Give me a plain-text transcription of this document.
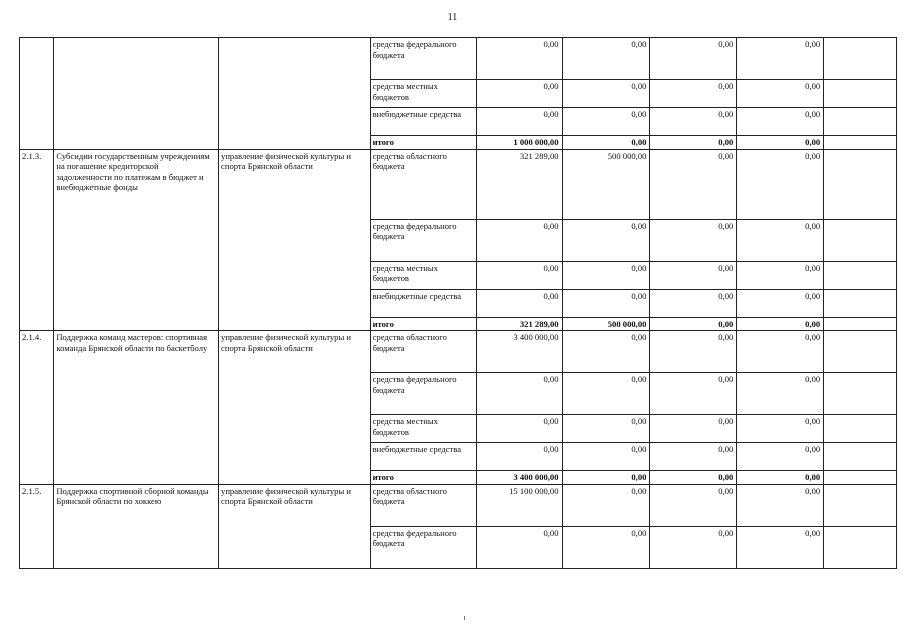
11
			средства федерального бюджета	0,00	0,00	0,00	0,00	
			средства местных бюджетов	0,00	0,00	0,00	0,00	
			внебюджетные средства	0,00	0,00	0,00	0,00	
			итого	1 000 000,00	0,00	0,00	0,00	
2.1.3.	Субсидии государственным учреждениям на погашение кредиторской задолженности по платежам в бюджет и внебюджетные фонды	управление физической культуры и спорта Брянской области	средства областного бюджета	321 289,00	500 000,00	0,00	0,00	
			средства федерального бюджета	0,00	0,00	0,00	0,00	
			средства местных бюджетов	0,00	0,00	0,00	0,00	
			внебюджетные средства	0,00	0,00	0,00	0,00	
			итого	321 289,00	500 000,00	0,00	0,00	
2.1.4.	Поддержка команд мастеров: спортивная команда Брянской области по баскетболу	управление физической культуры и спорта Брянской области	средства областного бюджета	3 400 000,00	0,00	0,00	0,00	
			средства федерального бюджета	0,00	0,00	0,00	0,00	
			средства местных бюджетов	0,00	0,00	0,00	0,00	
			внебюджетные средства	0,00	0,00	0,00	0,00	
			итого	3 400 000,00	0,00	0,00	0,00	
2.1.5.	Поддержка спортивной сборной команды Брянской области по хоккею	управление физической культуры и спорта Брянской области	средства областного бюджета	15 100 000,00	0,00	0,00	0,00	
			средства федерального бюджета	0,00	0,00	0,00	0,00	
